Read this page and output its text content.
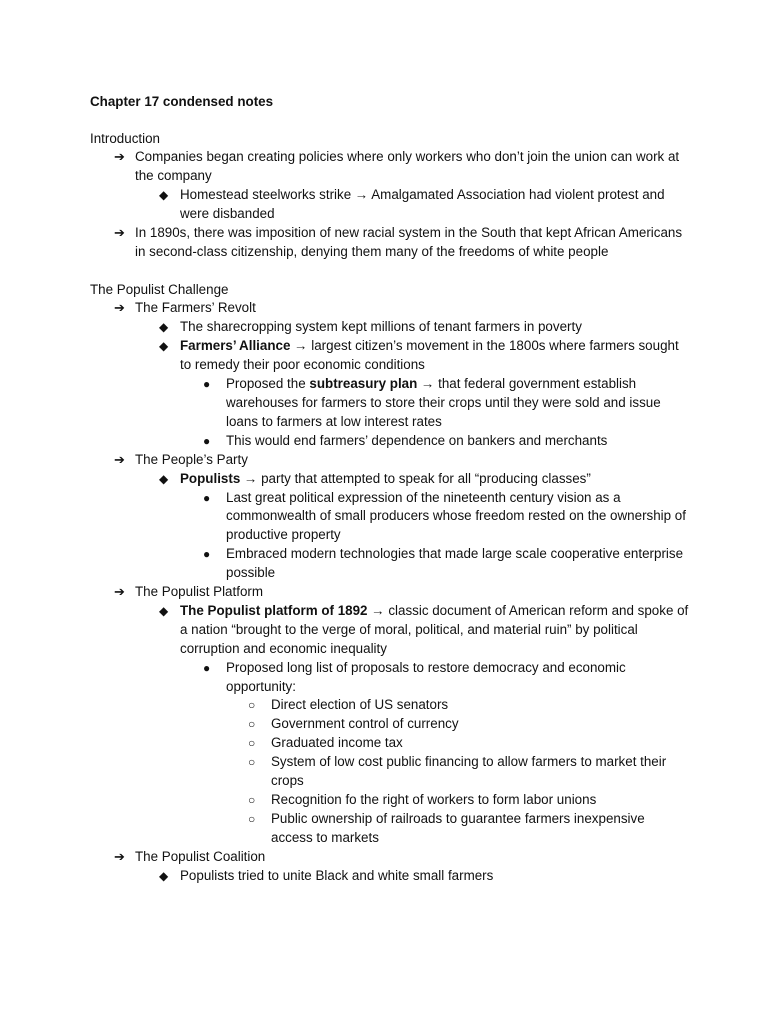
Chapter 17 condensed notes
Introduction
➔ Companies began creating policies where only workers who don’t join the union can work at the company
◆ Homestead steelworks strike → Amalgamated Association had violent protest and were disbanded
➔ In 1890s, there was imposition of new racial system in the South that kept African Americans in second-class citizenship, denying them many of the freedoms of white people
The Populist Challenge
➔ The Farmers’ Revolt
◆ The sharecropping system kept millions of tenant farmers in poverty
◆ Farmers’ Alliance → largest citizen’s movement in the 1800s where farmers sought to remedy their poor economic conditions
● Proposed the subtreasury plan → that federal government establish warehouses for farmers to store their crops until they were sold and issue loans to farmers at low interest rates
● This would end farmers’ dependence on bankers and merchants
➔ The People’s Party
◆ Populists → party that attempted to speak for all “producing classes”
● Last great political expression of the nineteenth century vision as a commonwealth of small producers whose freedom rested on the ownership of productive property
● Embraced modern technologies that made large scale cooperative enterprise possible
➔ The Populist Platform
◆ The Populist platform of 1892 → classic document of American reform and spoke of a nation “brought to the verge of moral, political, and material ruin” by political corruption and economic inequality
● Proposed long list of proposals to restore democracy and economic opportunity:
○ Direct election of US senators
○ Government control of currency
○ Graduated income tax
○ System of low cost public financing to allow farmers to market their crops
○ Recognition fo the right of workers to form labor unions
○ Public ownership of railroads to guarantee farmers inexpensive access to markets
➔ The Populist Coalition
◆ Populists tried to unite Black and white small farmers
